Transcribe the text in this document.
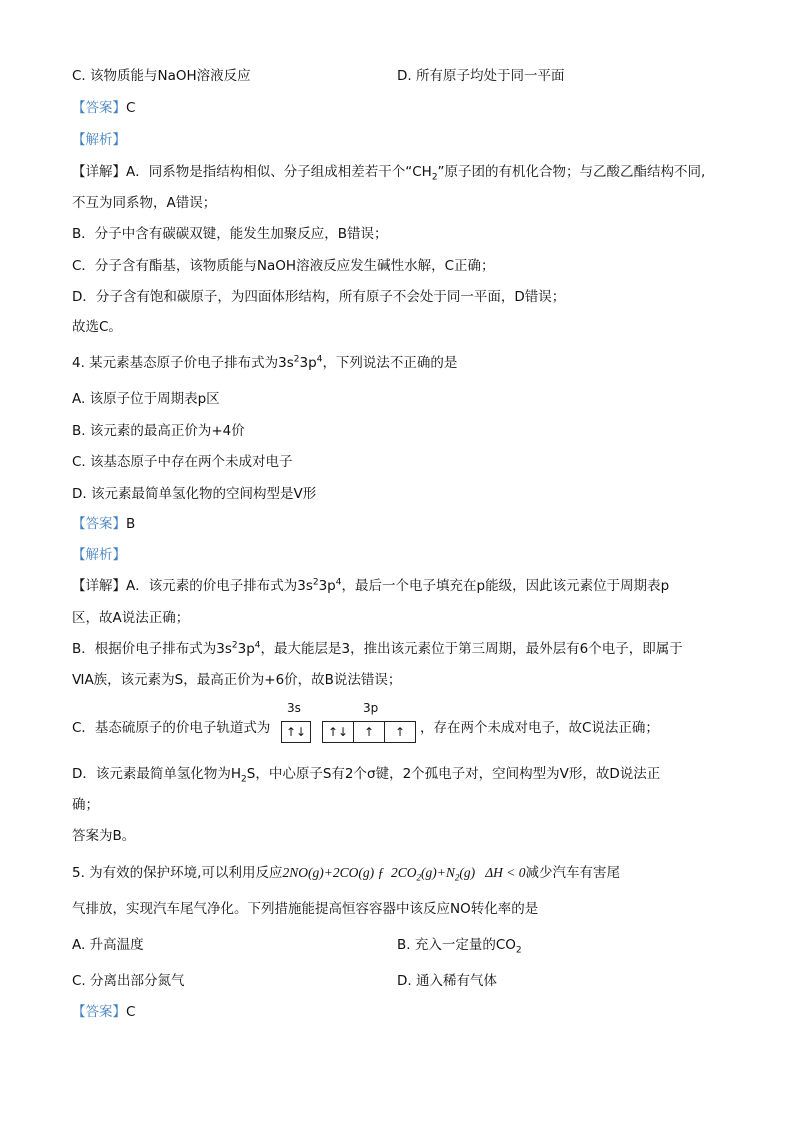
C. 该物质能与NaOH溶液反应	D. 所有原子均处于同一平面
【答案】C
【解析】
【详解】A．同系物是指结构相似、分子组成相差若干个“$CH_2$”原子团的有机化合物；与乙酸乙酯结构不同,
不互为同系物，A错误；
B．分子中含有碳碳双键，能发生加聚反应，B错误；
C．分子含有酯基，该物质能与NaOH溶液反应发生碱性水解，C正确；
D．分子含有饱和碳原子，为四面体形结构，所有原子不会处于同一平面，D错误；
故选C。
4. 某元素基态原子价电子排布式为$3s^23p^4$，下列说法不正确的是
A. 该原子位于周期表p区
B. 该元素的最高正价为+4价
C. 该基态原子中存在两个未成对电子
D. 该元素最简单氢化物的空间构型是V形
【答案】B
【解析】
【详解】A．该元素的价电子排布式为$3s^23p^4$，最后一个电子填充在p能级，因此该元素位于周期表p
区，故A说法正确；
B．根据价电子排布式为$3s^23p^4$，最大能层是3，推出该元素位于第三周期，最外层有6个电子，即属于
ⅥA族，该元素为S，最高正价为+6价，故B说法错误；
C．基态硫原子的价电子轨道式为
3s	3p
↑↓	↑↓	↑	↑	，存在两个未成对电子，故C说法正确；
D．该元素最简单氢化物为$H_2S$，中心原子S有2个σ键，2个孤电子对，空间构型为V形，故D说法正
确；
答案为B。
5. 为有效的保护环境,可以利用反应2NO(g)+2CO(g) ƒ $2CO_2(g)+N_2(g) \Delta H < 0$减少汽车有害尾
气排放，实现汽车尾气净化。下列措施能提高恒容容器中该反应NO转化率的是
A. 升高温度	B. 充入一定量的$CO_2$
C. 分离出部分氮气	D. 通入稀有气体
【答案】C
